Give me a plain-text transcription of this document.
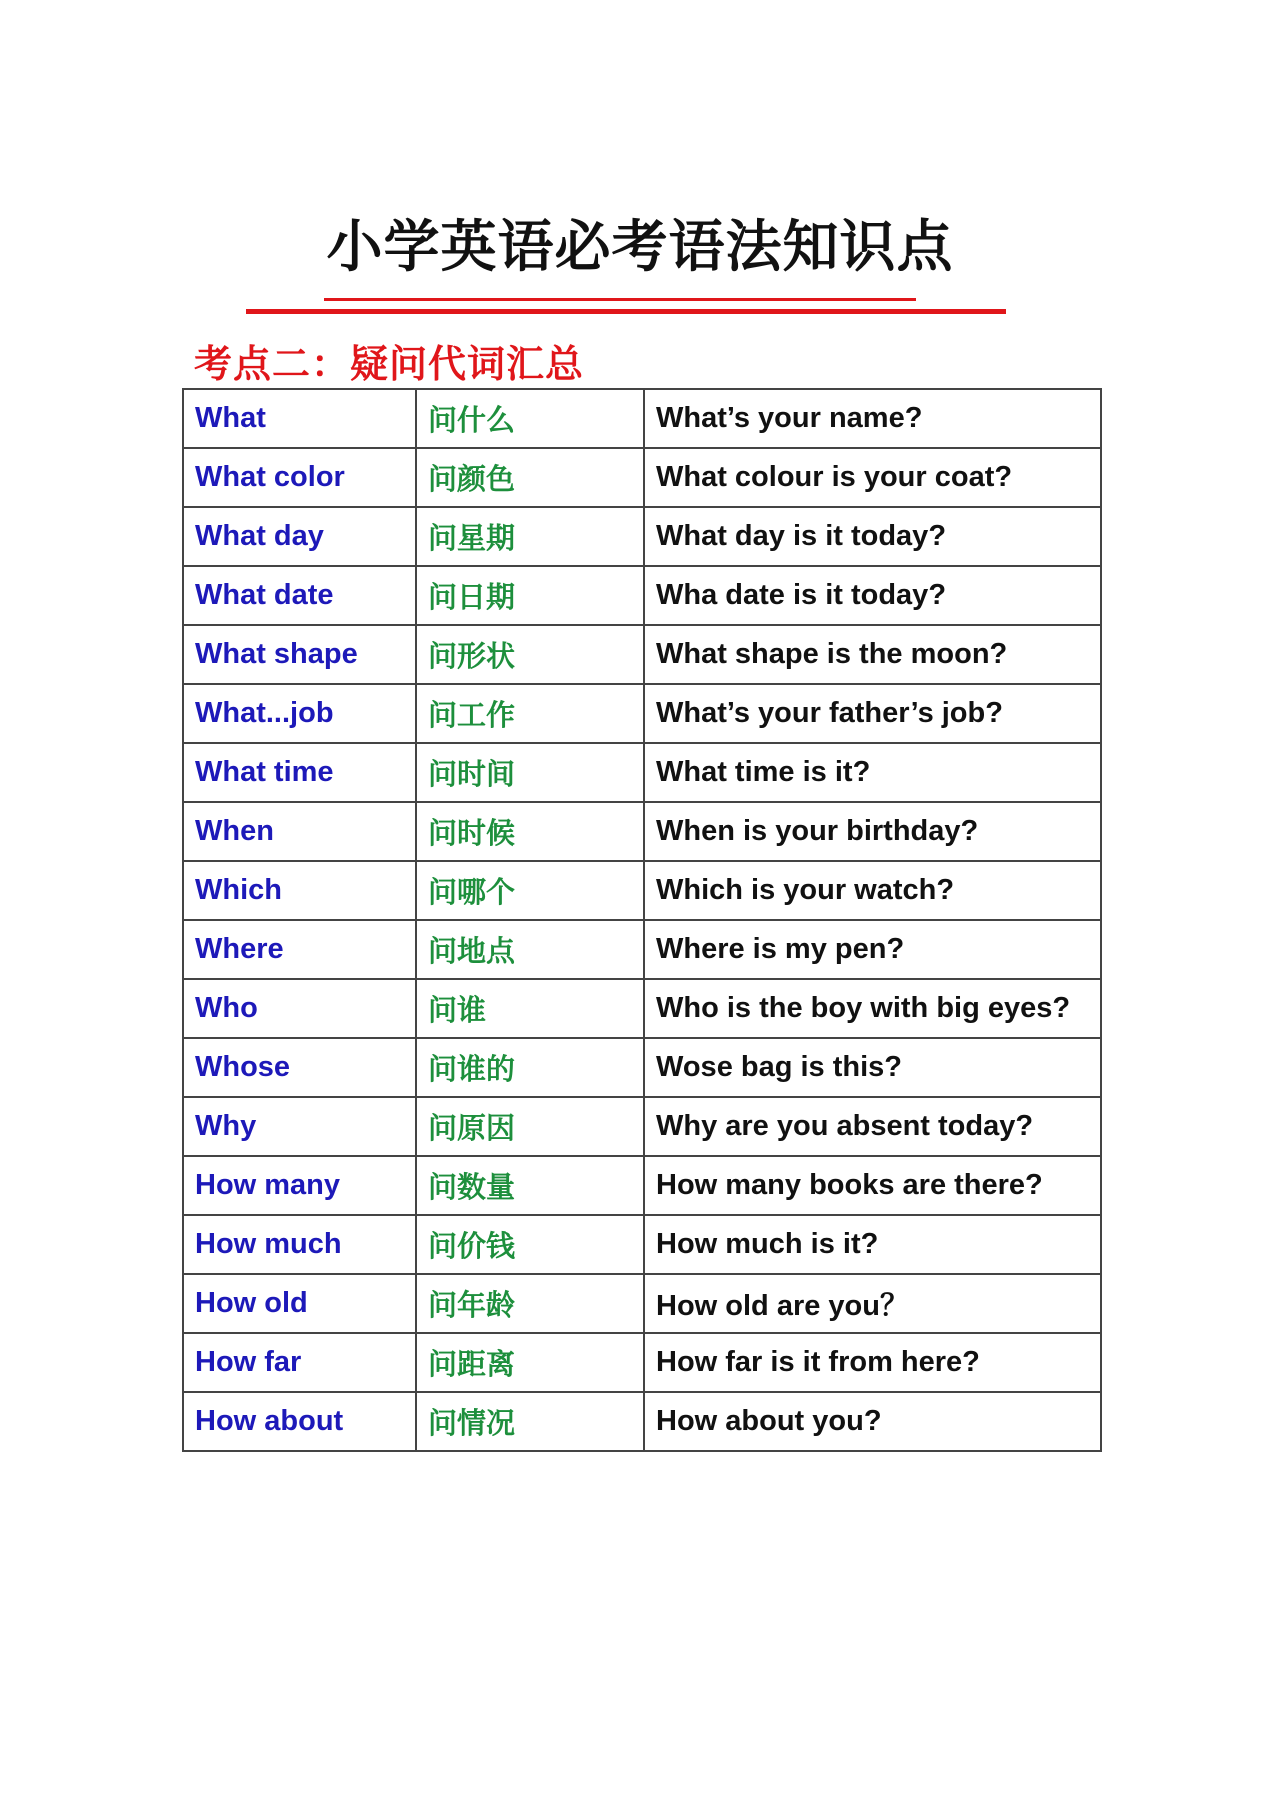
小学英语必考语法知识点
考点二：疑问代词汇总
What	问什么	What’s your name?
What color	问颜色	What colour is your coat?
What day	问星期	What day is it today?
What date	问日期	Wha date is it today?
What shape	问形状	What shape is the moon?
What...job	问工作	What’s your father’s job?
What time	问时间	What time is it?
When	问时候	When is your birthday?
Which	问哪个	Which is your watch?
Where	问地点	Where is my pen?
Who	问谁	Who is the boy with big eyes?
Whose	问谁的	Wose bag is this?
Why	问原因	Why are you absent today?
How many	问数量	How many books are there?
How much	问价钱	How much is it?
How old	问年龄	How old are you？
How far	问距离	How far is it from here?
How about	问情况	How about you?
